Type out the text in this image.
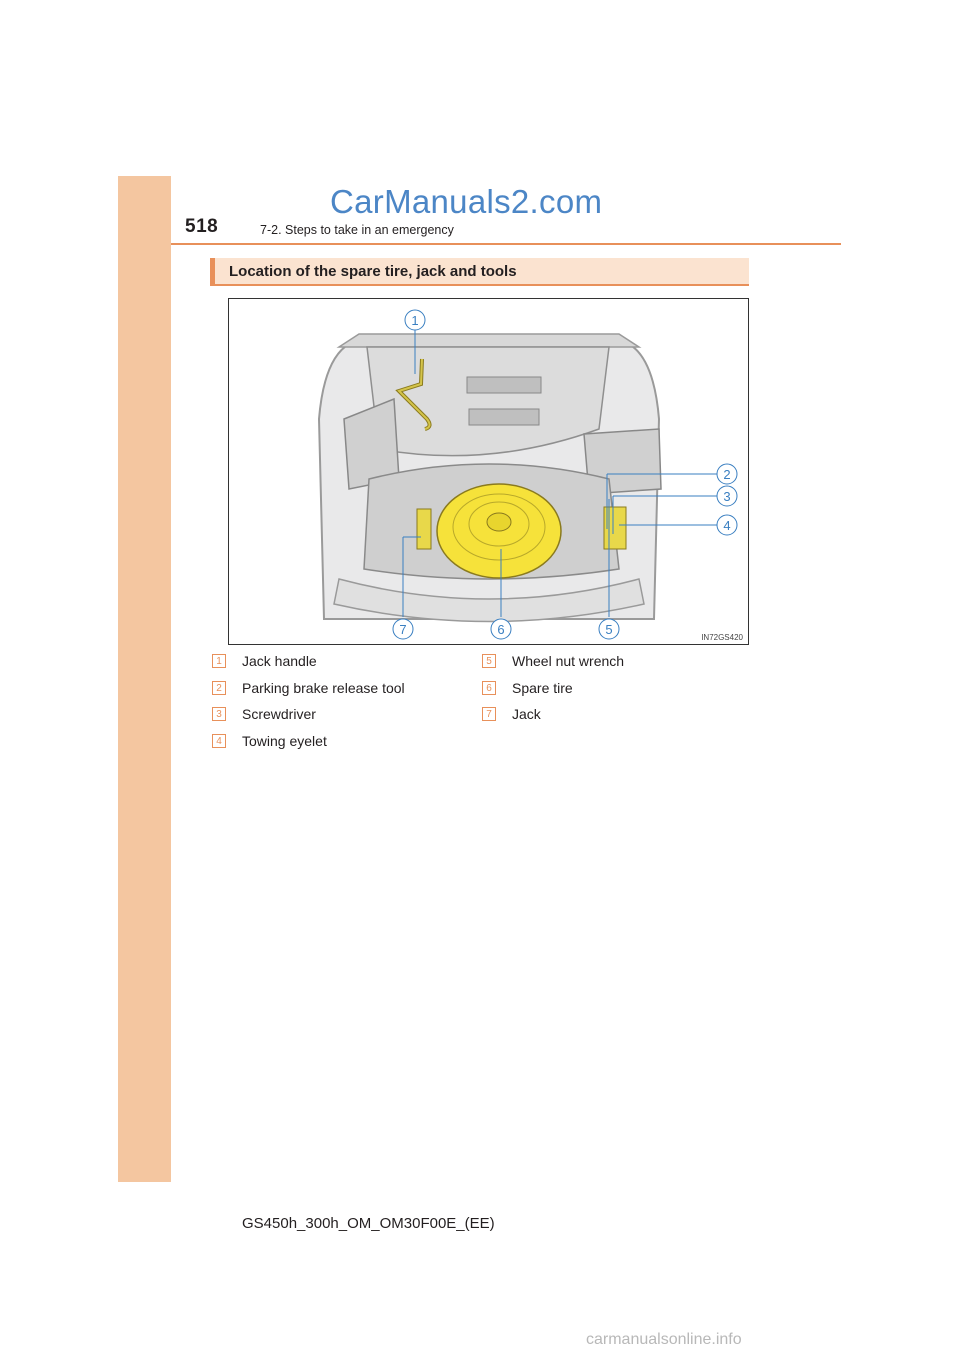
518	7-2. Steps to take in an emergency
CarManuals2.com
Location of the spare tire, jack and tools
1
2
3
4
5
6
7
IN72GS420
1	Jack handle
2	Parking brake release tool
3	Screwdriver
4	Towing eyelet
5	Wheel nut wrench
6	Spare tire
7	Jack
GS450h_300h_OM_OM30F00E_(EE)
carmanualsonline.info
